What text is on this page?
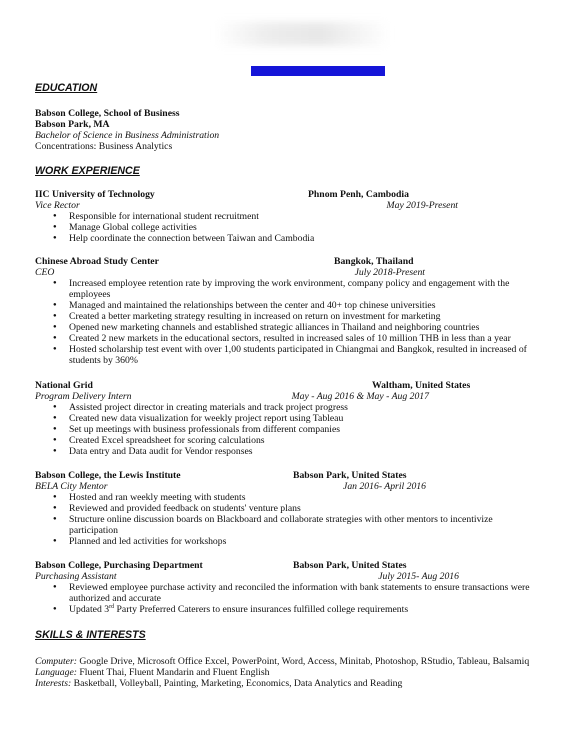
EDUCATION
Babson College, School of Business
Babson Park, MA
Bachelor of Science in Business Administration
Concentrations: Business Analytics
WORK EXPERIENCE
IIC University of Technology	Phnom Penh, Cambodia
Vice Rector	May 2019-Present
● Responsible for international student recruitment
● Manage Global college activities
● Help coordinate the connection between Taiwan and Cambodia
Chinese Abroad Study Center	Bangkok, Thailand
CEO	July 2018-Present
● Increased employee retention rate by improving the work environment, company policy and engagement with the employees
● Managed and maintained the relationships between the center and 40+ top chinese universities
● Created a better marketing strategy resulting in increased on return on investment for marketing
● Opened new marketing channels and established strategic alliances in Thailand and neighboring countries
● Created 2 new markets in the educational sectors, resulted in increased sales of 10 million THB in less than a year
● Hosted scholarship test event with over 1,00 students participated in Chiangmai and Bangkok, resulted in increased of students by 360%
National Grid	Waltham, United States
Program Delivery Intern	May - Aug 2016 & May - Aug 2017
● Assisted project director in creating materials and track project progress
● Created new data visualization for weekly project report using Tableau
● Set up meetings with business professionals from different companies
● Created Excel spreadsheet for scoring calculations
● Data entry and Data audit for Vendor responses
Babson College, the Lewis Institute	Babson Park, United States
BELA City Mentor	Jan 2016- April 2016
● Hosted and ran weekly meeting with students
● Reviewed and provided feedback on students' venture plans
● Structure online discussion boards on Blackboard and collaborate strategies with other mentors to incentivize participation
● Planned and led activities for workshops
Babson College, Purchasing Department	Babson Park, United States
Purchasing Assistant	July 2015- Aug 2016
● Reviewed employee purchase activity and reconciled the information with bank statements to ensure transactions were authorized and accurate
● Updated 3rd Party Preferred Caterers to ensure insurances fulfilled college requirements
SKILLS & INTERESTS
Computer: Google Drive, Microsoft Office Excel, PowerPoint, Word, Access, Minitab, Photoshop, RStudio, Tableau, Balsamiq
Language: Fluent Thai, Fluent Mandarin and Fluent English
Interests: Basketball, Volleyball, Painting, Marketing, Economics, Data Analytics and Reading
